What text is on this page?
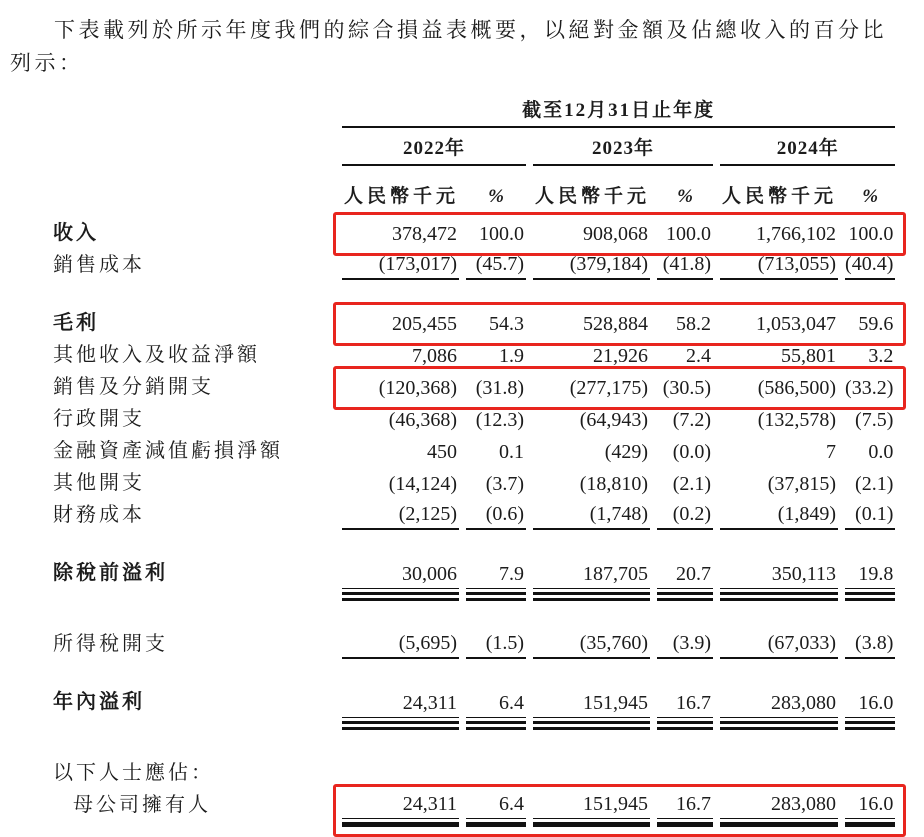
下表載列於所示年度我們的綜合損益表概要，以絕對金額及佔總收入的百分比
列示：

	截至12月31日止年度					
	2022年		2023年		2024年	
	人民幣千元	%	人民幣千元	%	人民幣千元	%
收入	378,472	100.0	908,068	100.0	1,766,102	100.0

銷售成本	(173,017)	(45.7)	(379,184)	(41.8)	(713,055)	(40.4)

毛利	205,455	54.3	528,884	58.2	1,053,047	59.6

其他收入及收益淨額	7,086	1.9	21,926	2.4	55,801	3.2

銷售及分銷開支	(120,368)	(31.8)	(277,175)	(30.5)	(586,500)	(33.2)

行政開支	(46,368)	(12.3)	(64,943)	(7.2)	(132,578)	(7.5)

金融資產減值虧損淨額	450	0.1	(429)	(0.0)	7	0.0

其他開支	(14,124)	(3.7)	(18,810)	(2.1)	(37,815)	(2.1)

財務成本	(2,125)	(0.6)	(1,748)	(0.2)	(1,849)	(0.1)

除稅前溢利	30,006	7.9	187,705	20.7	350,113	19.8

所得稅開支	(5,695)	(1.5)	(35,760)	(3.9)	(67,033)	(3.8)

年內溢利	24,311	6.4	151,945	16.7	283,080	16.0

以下人士應佔：	

母公司擁有人	24,311	6.4	151,945	16.7	283,080	16.0
